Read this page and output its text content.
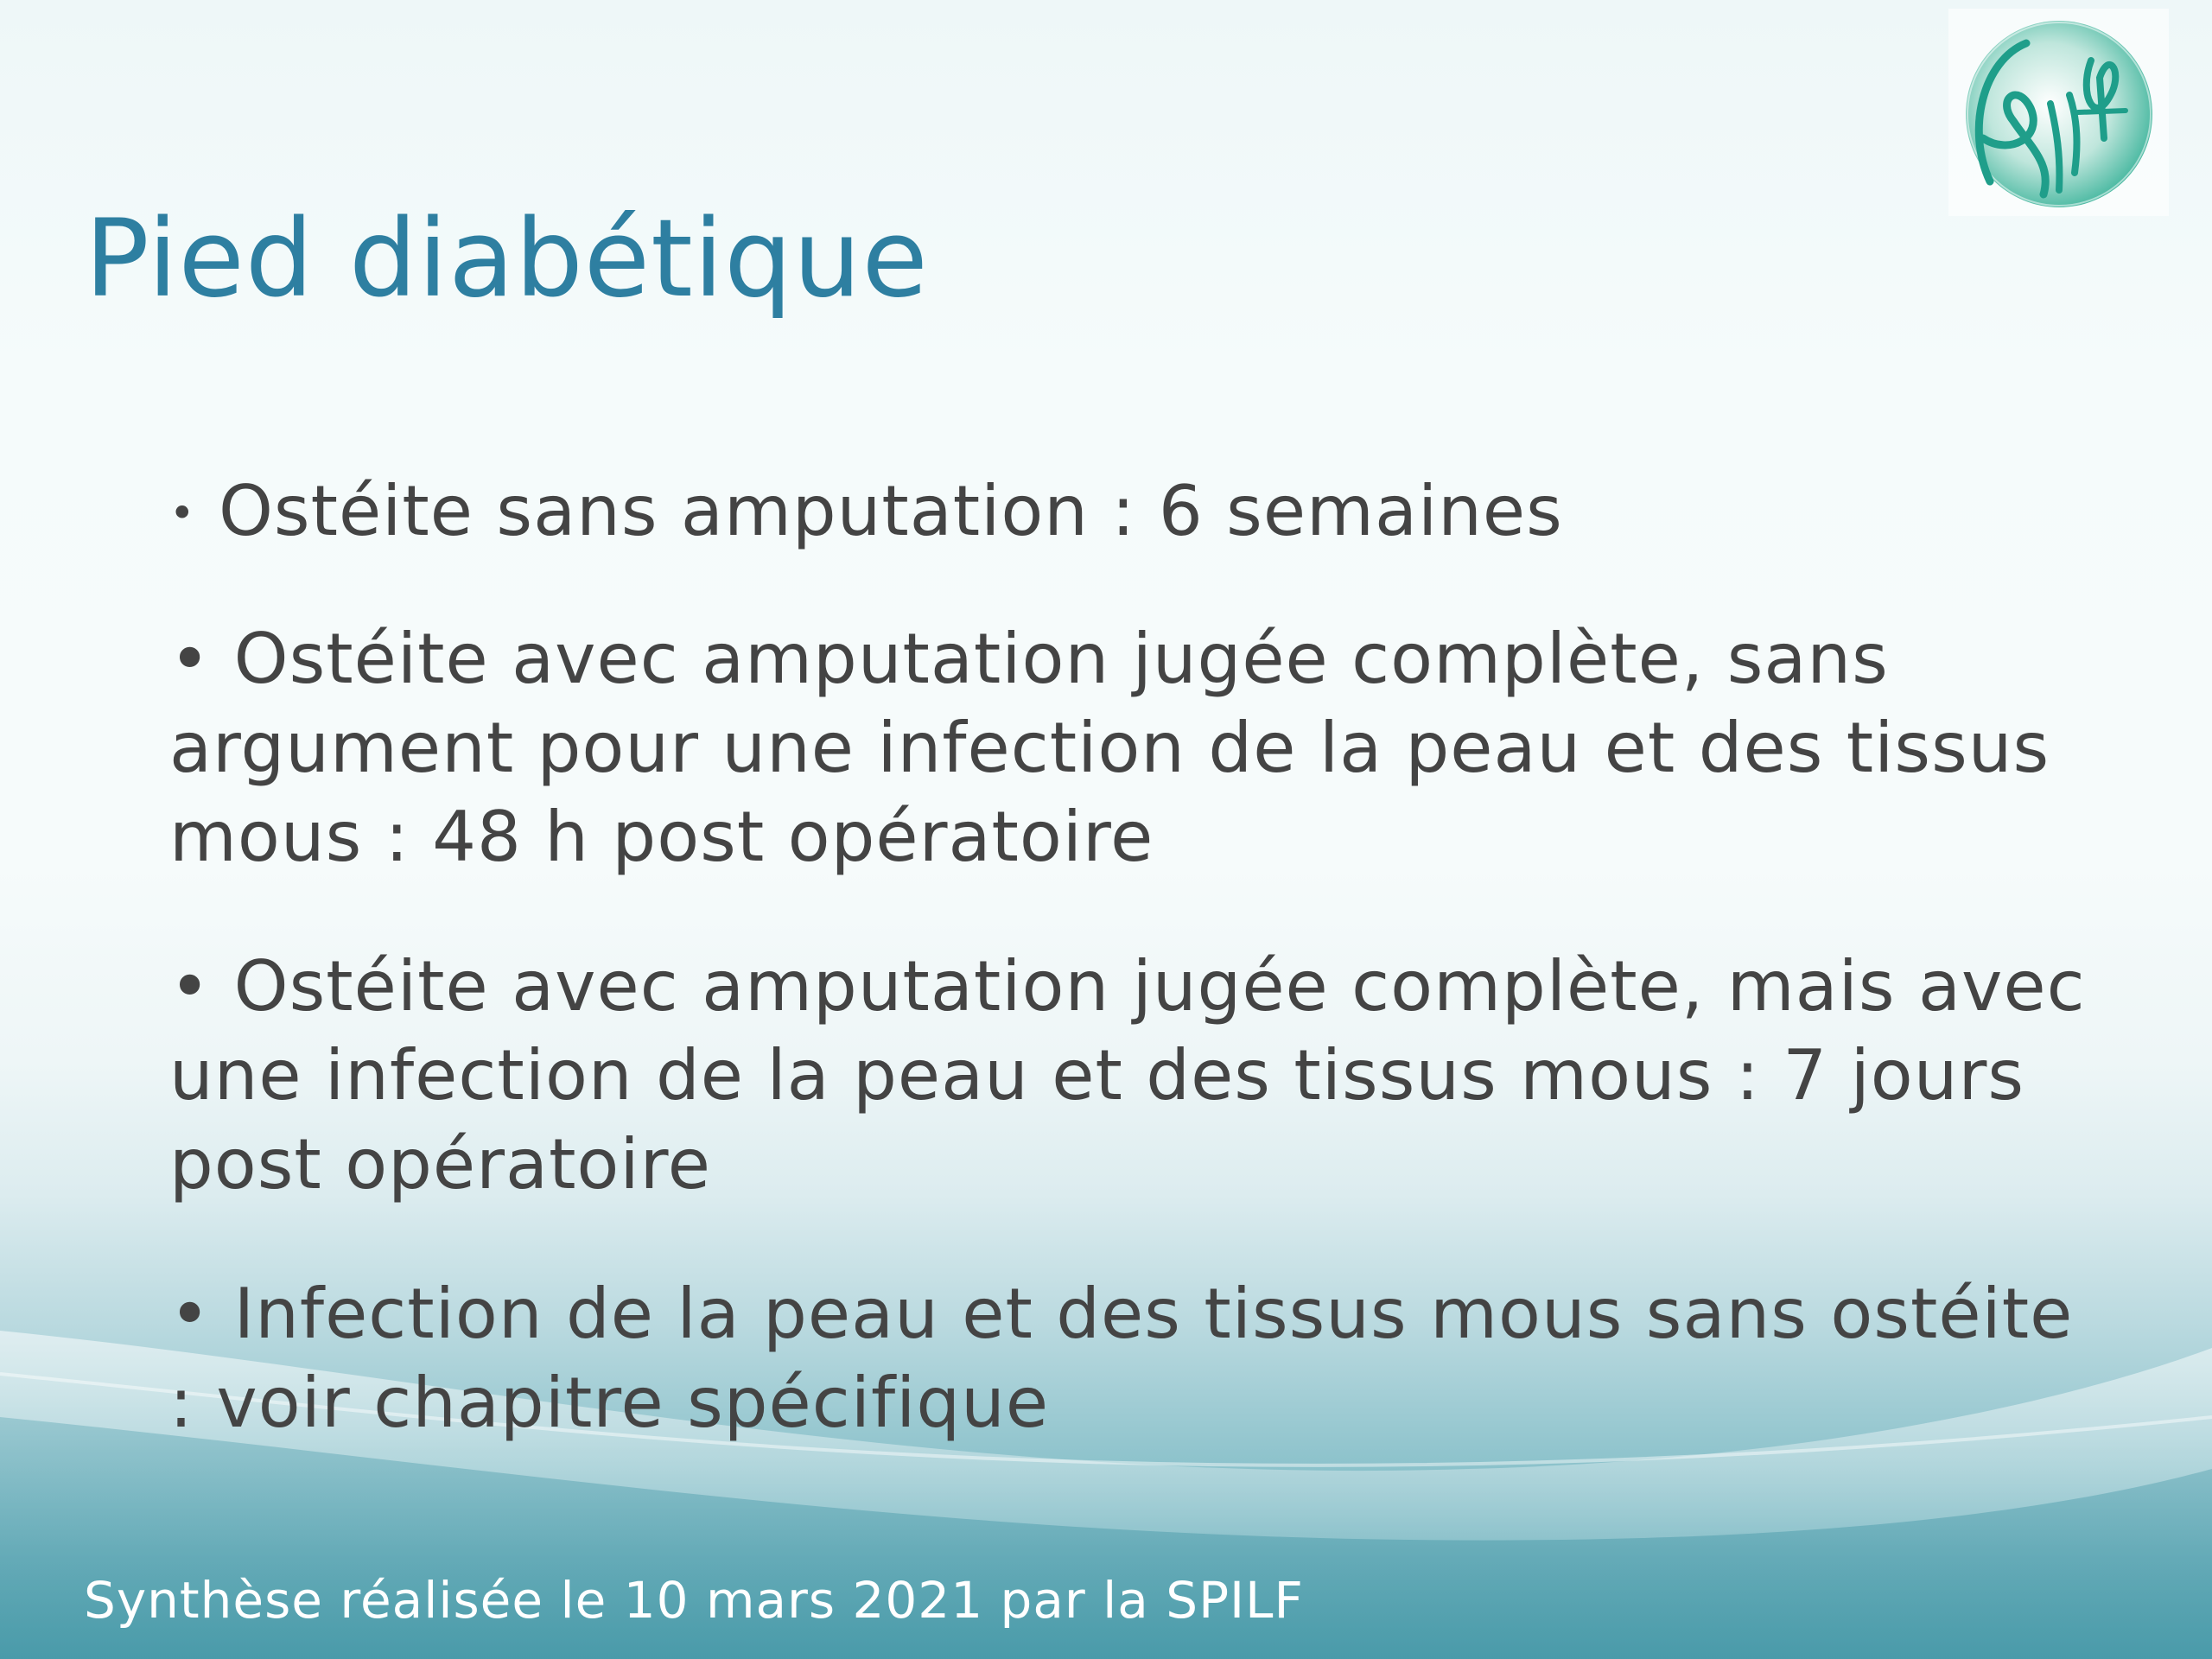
Pied diabétique
• Ostéite sans amputation : 6 semaines
• Ostéite avec amputation jugée complète, sans argument pour une infection de la peau et des tissus mous : 48 h post opératoire
• Ostéite avec amputation jugée complète, mais avec une infection de la peau et des tissus mous : 7 jours post opératoire
• Infection de la peau et des tissus mous sans ostéite : voir chapitre spécifique

Synthèse réalisée le 10 mars 2021 par la SPILF
